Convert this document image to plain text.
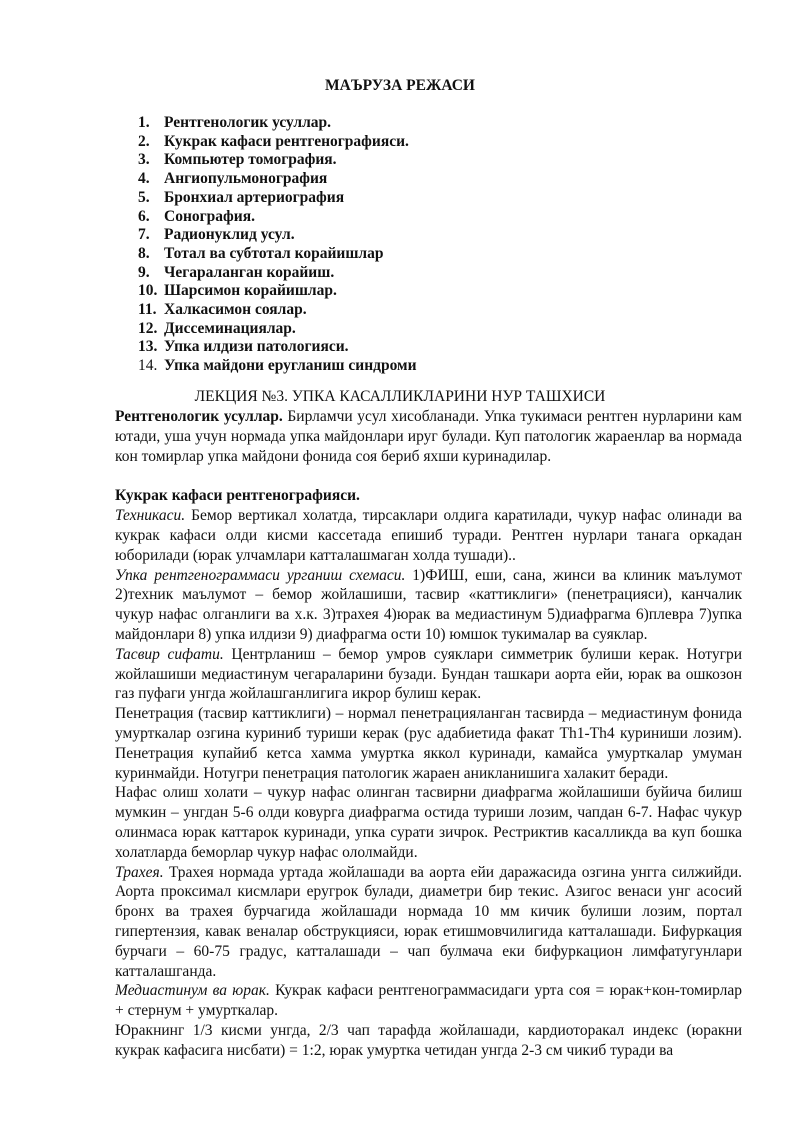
МАЪРУЗА РЕЖАСИ
1. Рентгенологик усуллар.
2. Кукрак кафаси рентгенографияси.
3. Компьютер томография.
4. Ангиопульмонография
5. Бронхиал артериография
6. Сонография.
7. Радионуклид усул.
8. Тотал ва субтотал корайишлар
9. Чегараланган корайиш.
10. Шарсимон корайишлар.
11. Халкасимон соялар.
12. Диссеминациялар.
13. Упка илдизи патологияси.
14. Упка майдони еругланиш синдроми
ЛЕКЦИЯ №3. УПКА КАСАЛЛИКЛАРИНИ НУР ТАШХИСИ

Рентгенологик усуллар. Бирламчи усул хисобланади. Упка тукимаси рентген нурларини кам ютади, уша учун нормада упка майдонлари ируг булади. Куп патологик жараенлар ва нормада кон томирлар упка майдони фонида соя бериб яхши куринадилар.

Кукрак кафаси рентгенографияси.

Техникаси. Бемор вертикал холатда, тирсаклари олдига каратилади, чукур нафас олинади ва кукрак кафаси олди кисми кассетада епишиб туради. Рентген нурлари танага оркадан юборилади (юрак улчамлари катталашмаган холда тушади)..

Упка рентгенограммаси урганиш схемаси. 1)ФИШ, еши, сана, жинси ва клиник маълумот 2)техник маълумот – бемор жойлашиши, тасвир «каттиклиги» (пенетрацияси), канчалик чукур нафас олганлиги ва х.к. 3)трахея 4)юрак ва медиастинум 5)диафрагма 6)плевра 7)упка майдонлари 8) упка илдизи 9) диафрагма ости 10) юмшок тукималар ва суяклар.

Тасвир сифати. Центрланиш – бемор умров суяклари симметрик булиши керак. Нотугри жойлашиши медиастинум чегараларини бузади. Бундан ташкари аорта ейи, юрак ва ошкозон газ пуфаги унгда жойлашганлигига икрор булиш керак.

Пенетрация (тасвир каттиклиги) – нормал пенетрацияланган тасвирда – медиастинум фонида умурткалар озгина куриниб туриши керак (рус адабиетида факат Th1-Th4 куриниши лозим). Пенетрация купайиб кетса хамма умуртка яккол куринади, камайса умурткалар умуман куринмайди. Нотугри пенетрация патологик жараен аникланишига халакит беради.

Нафас олиш холати – чукур нафас олинган тасвирни диафрагма жойлашиши буйича билиш мумкин – унгдан 5-6 олди ковурга диафрагма остида туриши лозим, чапдан 6-7. Нафас чукур олинмаса юрак каттарок куринади, упка сурати зичрок. Рестриктив касалликда ва куп бошка холатларда беморлар чукур нафас ололмайди.

Трахея. Трахея нормада уртада жойлашади ва аорта ейи даражасида озгина унгга силжийди. Аорта проксимал кисмлари еругрок булади, диаметри бир текис. Азигос венаси унг асосий бронх ва трахея бурчагида жойлашади нормада 10 мм кичик булиши лозим, портал гипертензия, кавак веналар обструкцияси, юрак етишмовчилигида катталашади. Бифуркация бурчаги – 60-75 градус, катталашади – чап булмача еки бифуркацион лимфатугунлари катталашганда.

Медиастинум ва юрак. Кукрак кафаси рентгенограммасидаги урта соя = юрак+кон-томирлар + стернум + умурткалар.

Юракнинг 1/3 кисми унгда, 2/3 чап тарафда жойлашади, кардиоторакал индекс (юракни кукрак кафасига нисбати) = 1:2, юрак умуртка четидан унгда 2-3 см чикиб туради ва
